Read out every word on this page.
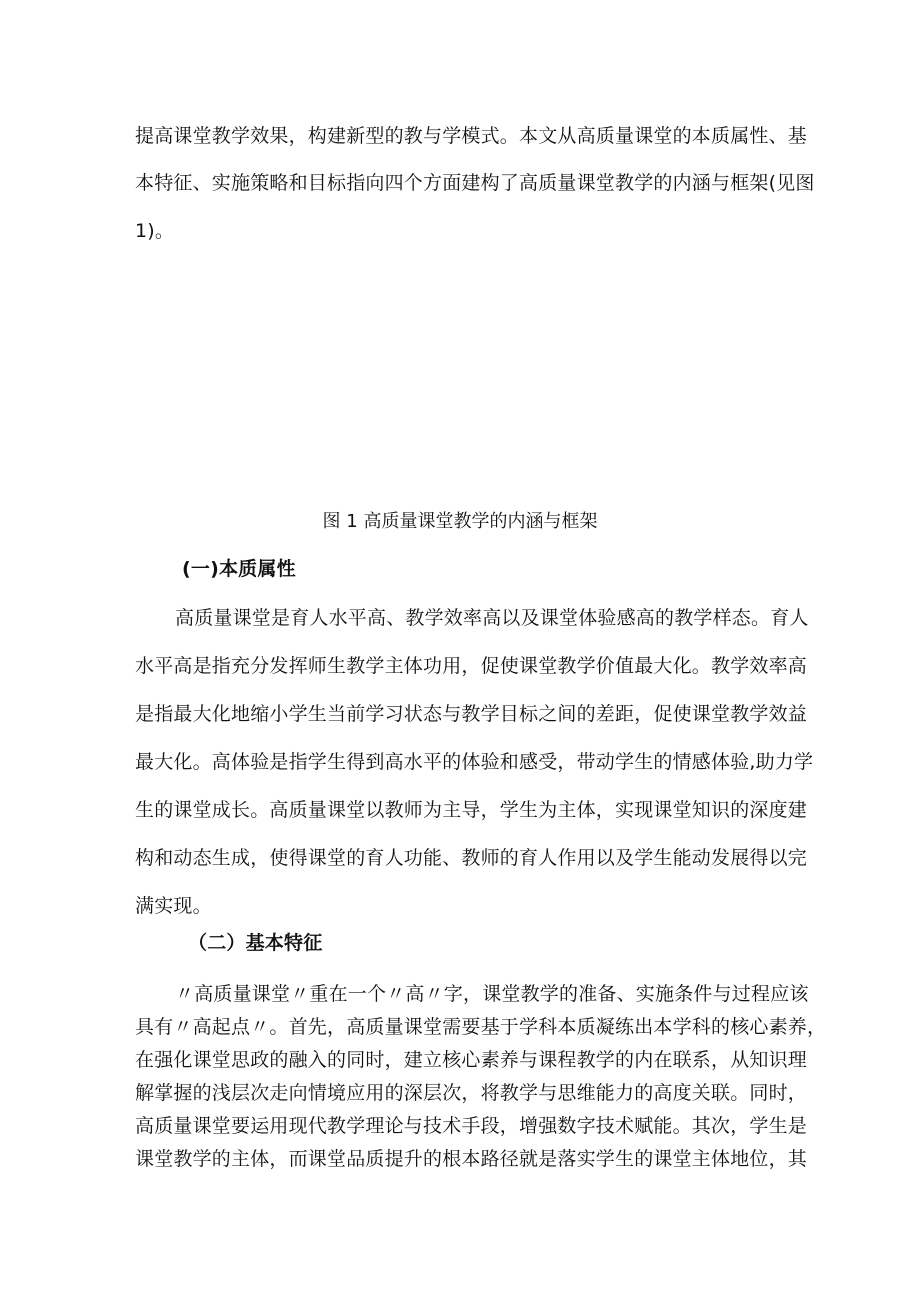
提高课堂教学效果，构建新型的教与学模式。本文从高质量课堂的本质属性、基
本特征、实施策略和目标指向四个方面建构了高质量课堂教学的内涵与框架(见图
1)。
图 1 高质量课堂教学的内涵与框架
(一)本质属性
高质量课堂是育人水平高、教学效率高以及课堂体验感高的教学样态。育人
水平高是指充分发挥师生教学主体功用，促使课堂教学价值最大化。教学效率高
是指最大化地缩小学生当前学习状态与教学目标之间的差距，促使课堂教学效益
最大化。高体验是指学生得到高水平的体验和感受，带动学生的情感体验,助力学
生的课堂成长。高质量课堂以教师为主导，学生为主体，实现课堂知识的深度建
构和动态生成，使得课堂的育人功能、教师的育人作用以及学生能动发展得以完
满实现。
（二）基本特征
〃高质量课堂〃重在一个〃高〃字，课堂教学的准备、实施条件与过程应该
具有〃高起点〃。首先，高质量课堂需要基于学科本质凝练出本学科的核心素养，
在强化课堂思政的融入的同时，建立核心素养与课程教学的内在联系，从知识理
解掌握的浅层次走向情境应用的深层次，将教学与思维能力的高度关联。同时，
高质量课堂要运用现代教学理论与技术手段，增强数字技术赋能。其次，学生是
课堂教学的主体，而课堂品质提升的根本路径就是落实学生的课堂主体地位，其
